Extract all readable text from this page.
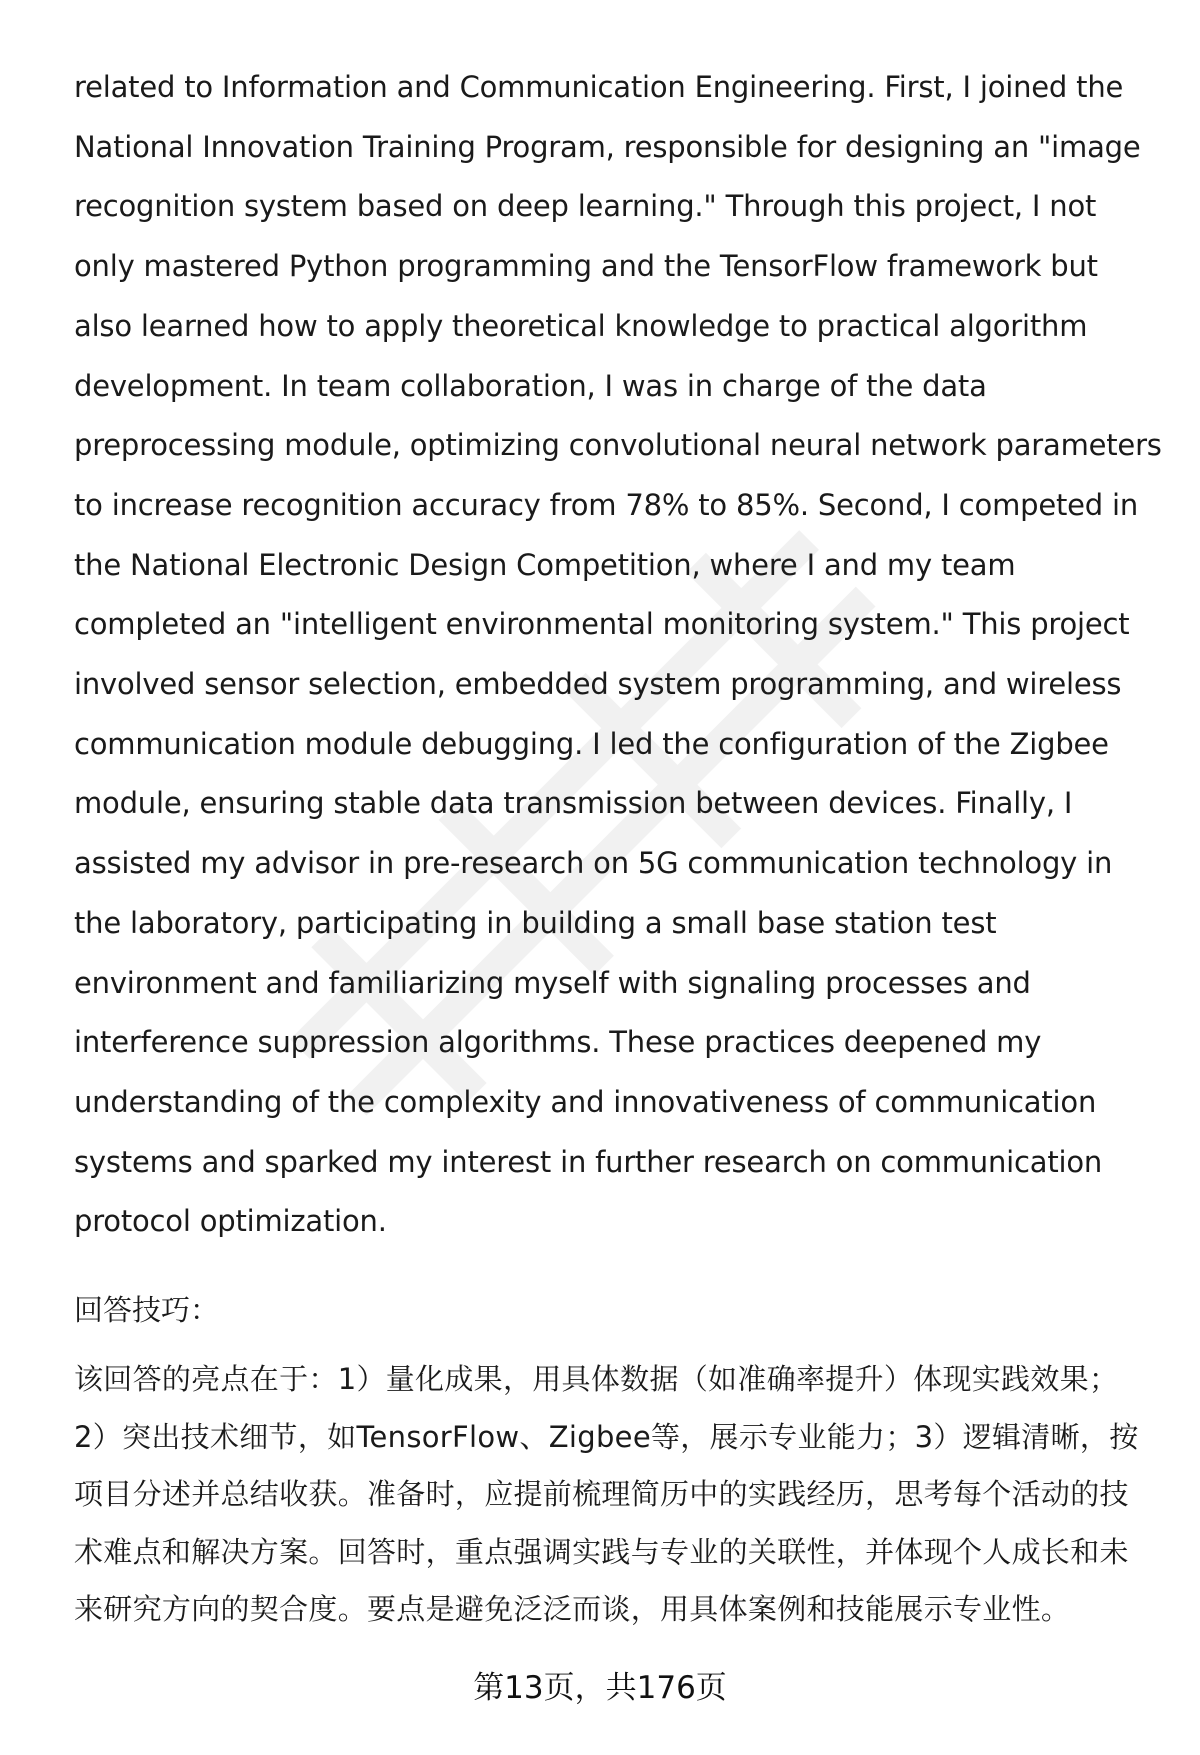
related to Information and Communication Engineering. First, I joined the
National Innovation Training Program, responsible for designing an "image
recognition system based on deep learning." Through this project, I not
only mastered Python programming and the TensorFlow framework but
also learned how to apply theoretical knowledge to practical algorithm
development. In team collaboration, I was in charge of the data
preprocessing module, optimizing convolutional neural network parameters
to increase recognition accuracy from 78% to 85%. Second, I competed in
the National Electronic Design Competition, where I and my team
completed an "intelligent environmental monitoring system." This project
involved sensor selection, embedded system programming, and wireless
communication module debugging. I led the configuration of the Zigbee
module, ensuring stable data transmission between devices. Finally, I
assisted my advisor in pre-research on 5G communication technology in
the laboratory, participating in building a small base station test
environment and familiarizing myself with signaling processes and
interference suppression algorithms. These practices deepened my
understanding of the complexity and innovativeness of communication
systems and sparked my interest in further research on communication
protocol optimization.
回答技巧：
该回答的亮点在于：1）量化成果，用具体数据（如准确率提升）体现实践效果；
2）突出技术细节，如TensorFlow、Zigbee等，展示专业能力；3）逻辑清晰，按
项目分述并总结收获。准备时，应提前梳理简历中的实践经历，思考每个活动的技
术难点和解决方案。回答时，重点强调实践与专业的关联性，并体现个人成长和未
来研究方向的契合度。要点是避免泛泛而谈，用具体案例和技能展示专业性。
第13页，共176页
